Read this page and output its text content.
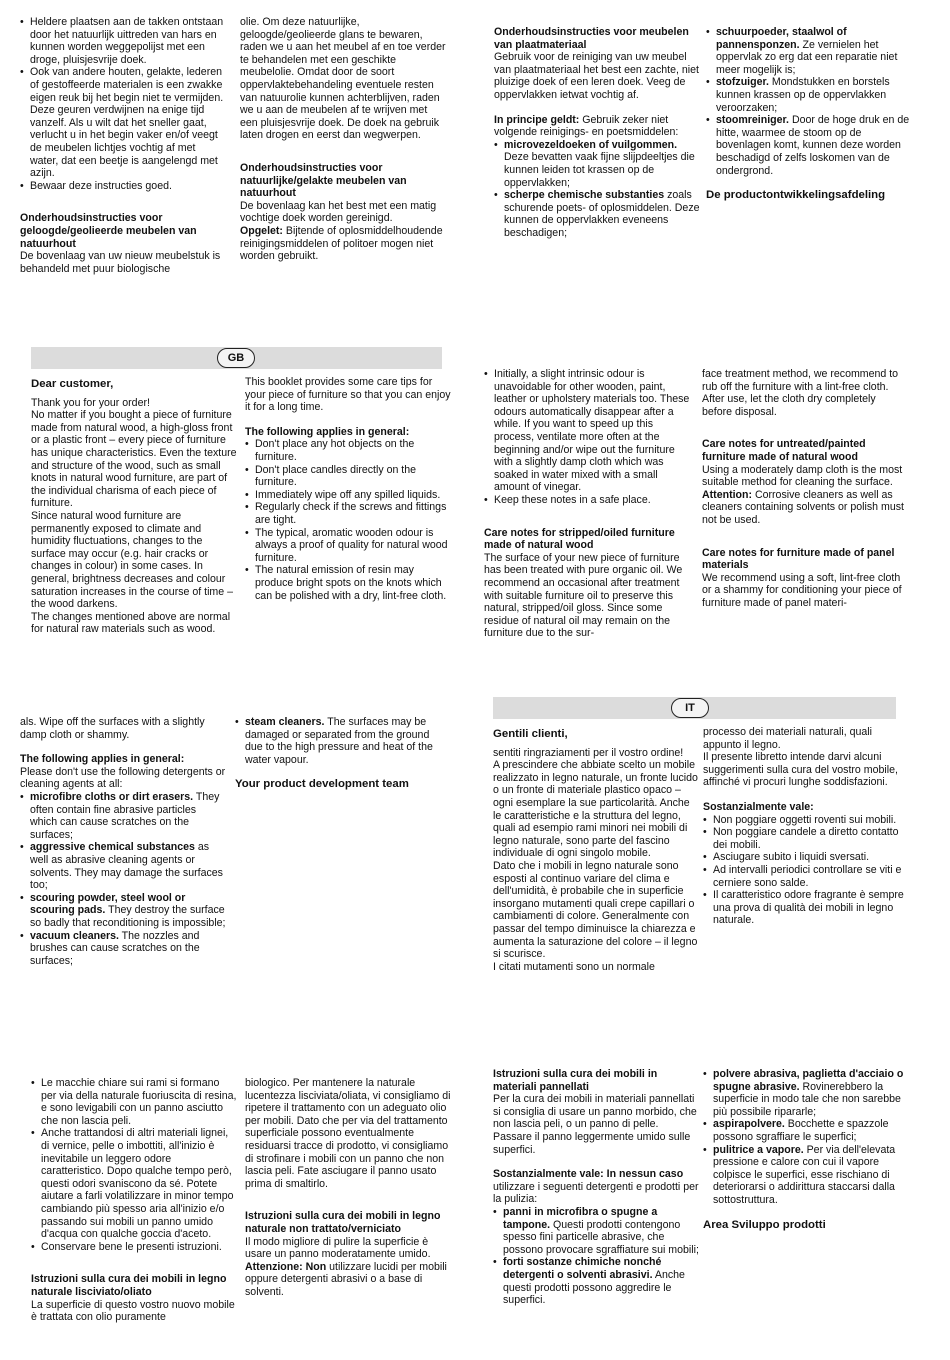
• Heldere plaatsen aan de takken ontstaan door het natuurlijk uittreden van hars en kunnen worden weggepolijst met een droge, pluisjesvrije doek.
• Ook van andere houten, gelakte, lederen of gestoffeerde materialen is een zwakke eigen reuk bij het begin niet te vermijden. Deze geuren verdwijnen na enige tijd vanzelf. Als u wilt dat het sneller gaat, verlucht u in het begin vaker en/of veegt de meubelen lichtjes vochtig af met water, dat een beetje is aangelengd met azijn.
• Bewaar deze instructies goed.

Onderhoudsinstructies voor geloogde/geolieerde meubelen van natuurhout

De bovenlaag van uw nieuw meubelstuk is behandeld met puur biologische

olie. Om deze natuurlijke, geloogde/geolieerde glans te bewaren, raden we u aan het meubel af en toe verder te behandelen met een geschikte meubelolie. Omdat door de soort oppervlaktebehandeling eventuele resten van natuurolie kunnen achterblijven, raden we u aan de meubelen af te wrijven met een pluisjesvrije doek. De doek na gebruik laten drogen en eerst dan wegwerpen.

Onderhoudsinstructies voor natuurlijke/gelakte meubelen van natuurhout

De bovenlaag kan het best met een matig vochtige doek worden gereinigd.

Opgelet: Bijtende of oplosmiddelhoudende reinigingsmiddelen of politoer mogen niet worden gebruikt.

Onderhoudsinstructies voor meubelen van plaatmateriaal

Gebruik voor de reiniging van uw meubel van plaatmateriaal het best een zachte, niet pluizige doek of een leren doek. Veeg de oppervlakken ietwat vochtig af.

In principe geldt: Gebruik zeker niet volgende reinigings- en poetsmiddelen:

• microvezeldoeken of vuilgommen. Deze bevatten vaak fijne slijpdeeltjes die kunnen leiden tot krassen op de oppervlakken;
• scherpe chemische substanties zoals schurende poets- of oplosmiddelen. Deze kunnen de oppervlakken eveneens beschadigen;
• schuurpoeder, staalwol of pannensponzen. Ze vernielen het oppervlak zo erg dat een reparatie niet meer mogelijk is;
• stofzuiger. Mondstukken en borstels kunnen krassen op de oppervlakken veroorzaken;
• stoomreiniger. Door de hoge druk en de hitte, waarmee de stoom op de bovenlagen komt, kunnen deze worden beschadigd of zelfs loskomen van de ondergrond.

De productontwikkelingsafdeling

GB

Dear customer,

Thank you for your order!

No matter if you bought a piece of furniture made from natural wood, a high-gloss front or a plastic front – every piece of furniture has unique characteristics. Even the texture and structure of the wood, such as small knots in natural wood furniture, are part of the individual charisma of each piece of furniture.

Since natural wood furniture are permanently exposed to climate and humidity fluctuations, changes to the surface may occur (e.g. hair cracks or changes in colour) in some cases. In general, brightness decreases and colour saturation increases in the course of time – the wood darkens.

The changes mentioned above are normal for natural raw materials such as wood.

This booklet provides some care tips for your piece of furniture so that you can enjoy it for a long time.

The following applies in general:

• Don't place any hot objects on the furniture.
• Don't place candles directly on the furniture.
• Immediately wipe off any spilled liquids.
• Regularly check if the screws and fittings are tight.
• The typical, aromatic wooden odour is always a proof of quality for natural wood furniture.
• The natural emission of resin may produce bright spots on the knots which can be polished with a dry, lint-free cloth.
• Initially, a slight intrinsic odour is unavoidable for other wooden, paint, leather or upholstery materials too. These odours automatically disappear after a while. If you want to speed up this process, ventilate more often at the beginning and/or wipe out the furniture with a slightly damp cloth which was soaked in water mixed with a small amount of vinegar.
• Keep these notes in a safe place.

Care notes for stripped/oiled furniture made of natural wood

The surface of your new piece of furniture has been treated with pure organic oil. We recommend an occasional after treatment with suitable furniture oil to preserve this natural, stripped/oil gloss. Since some residue of natural oil may remain on the furniture due to the sur-

face treatment method, we recommend to rub off the furniture with a lint-free cloth. After use, let the cloth dry completely before disposal.

Care notes for untreated/painted furniture made of natural wood

Using a moderately damp cloth is the most suitable method for cleaning the surface.

Attention: Corrosive cleaners as well as cleaners containing solvents or polish must not be used.

Care notes for furniture made of panel materials

We recommend using a soft, lint-free cloth or a shammy for conditioning your piece of furniture made of panel materi-

als. Wipe off the surfaces with a slightly damp cloth or shammy.

The following applies in general:

Please don't use the following detergents or cleaning agents at all:

• microfibre cloths or dirt erasers. They often contain fine abrasive particles which can cause scratches on the surfaces;
• aggressive chemical substances as well as abrasive cleaning agents or solvents. They may damage the surfaces too;
• scouring powder, steel wool or scouring pads. They destroy the surface so badly that reconditioning is impossible;
• vacuum cleaners. The nozzles and brushes can cause scratches on the surfaces;
• steam cleaners. The surfaces may be damaged or separated from the ground due to the high pressure and heat of the water vapour.

Your product development team

IT

Gentili clienti,

sentiti ringraziamenti per il vostro ordine!

A prescindere che abbiate scelto un mobile realizzato in legno naturale, un fronte lucido o un fronte di materiale plastico opaco – ogni esemplare la sue particolarità. Anche le caratteristiche e la struttura del legno, quali ad esempio rami minori nei mobili di legno naturale, sono parte del fascino individuale di ogni singolo mobile.

Dato che i mobili in legno naturale sono esposti al continuo variare del clima e dell'umidità, è probabile che in superficie insorgano mutamenti quali crepe capillari o cambiamenti di colore. Generalmente con passar del tempo diminuisce la chiarezza e aumenta la saturazione del colore – il legno si scurisce.

I citati mutamenti sono un normale

processo dei materiali naturali, quali appunto il legno.

Il presente libretto intende darvi alcuni suggerimenti sulla cura del vostro mobile, affinché vi procuri lunghe soddisfazioni.

Sostanzialmente vale:

• Non poggiare oggetti roventi sui mobili.
• Non poggiare candele a diretto contatto dei mobili.
• Asciugare subito i liquidi sversati.
• Ad intervalli periodici controllare se viti e cerniere sono salde.
• Il caratteristico odore fragrante è sempre una prova di qualità dei mobili in legno naturale.
• Le macchie chiare sui rami si formano per via della naturale fuoriuscita di resina, e sono levigabili con un panno asciutto che non lascia peli.
• Anche trattandosi di altri materiali lignei, di vernice, pelle o imbottiti, all'inizio è inevitabile un leggero odore caratteristico. Dopo qualche tempo però, questi odori svaniscono da sé. Potete aiutare a farli volatilizzare in minor tempo cambiando più spesso aria all'inizio e/o passando sui mobili un panno umido d'acqua con qualche goccia d'aceto.
• Conservare bene le presenti istruzioni.

Istruzioni sulla cura dei mobili in legno naturale lisciviato/oliato

La superficie di questo vostro nuovo mobile è trattata con olio puramente

biologico. Per mantenere la naturale lucentezza lisciviata/oliata, vi consigliamo di ripetere il trattamento con un adeguato olio per mobili. Dato che per via del trattamento superficiale possono eventualmente residuarsi tracce di prodotto, vi consigliamo di strofinare i mobili con un panno che non lascia peli. Fate asciugare il panno usato prima di smaltirlo.

Istruzioni sulla cura dei mobili in legno naturale non trattato/verniciato

Il modo migliore di pulire la superficie è usare un panno moderatamente umido.

Attenzione: Non utilizzare lucidi per mobili oppure detergenti abrasivi o a base di solventi.

Istruzioni sulla cura dei mobili in materiali pannellati

Per la cura dei mobili in materiali pannellati si consiglia di usare un panno morbido, che non lascia peli, o un panno di pelle. Passare il panno leggermente umido sulle superfici.

Sostanzialmente vale: In nessun caso utilizzare i seguenti detergenti e prodotti per la pulizia:

• panni in microfibra o spugne a tampone. Questi prodotti contengono spesso fini particelle abrasive, che possono provocare sgraffiature sui mobili;
• forti sostanze chimiche nonché detergenti o solventi abrasivi. Anche questi prodotti possono aggredire le superfici.
• polvere abrasiva, paglietta d'acciaio o spugne abrasive. Rovinerebbero la superficie in modo tale che non sarebbe più possibile ripararle;
• aspirapolvere. Bocchette e spazzole possono sgraffiare le superfici;
• pulitrice a vapore. Per via dell'elevata pressione e calore con cui il vapore colpisce le superfici, esse rischiano di deteriorarsi o addirittura staccarsi dalla sottostruttura.

Area Sviluppo prodotti
